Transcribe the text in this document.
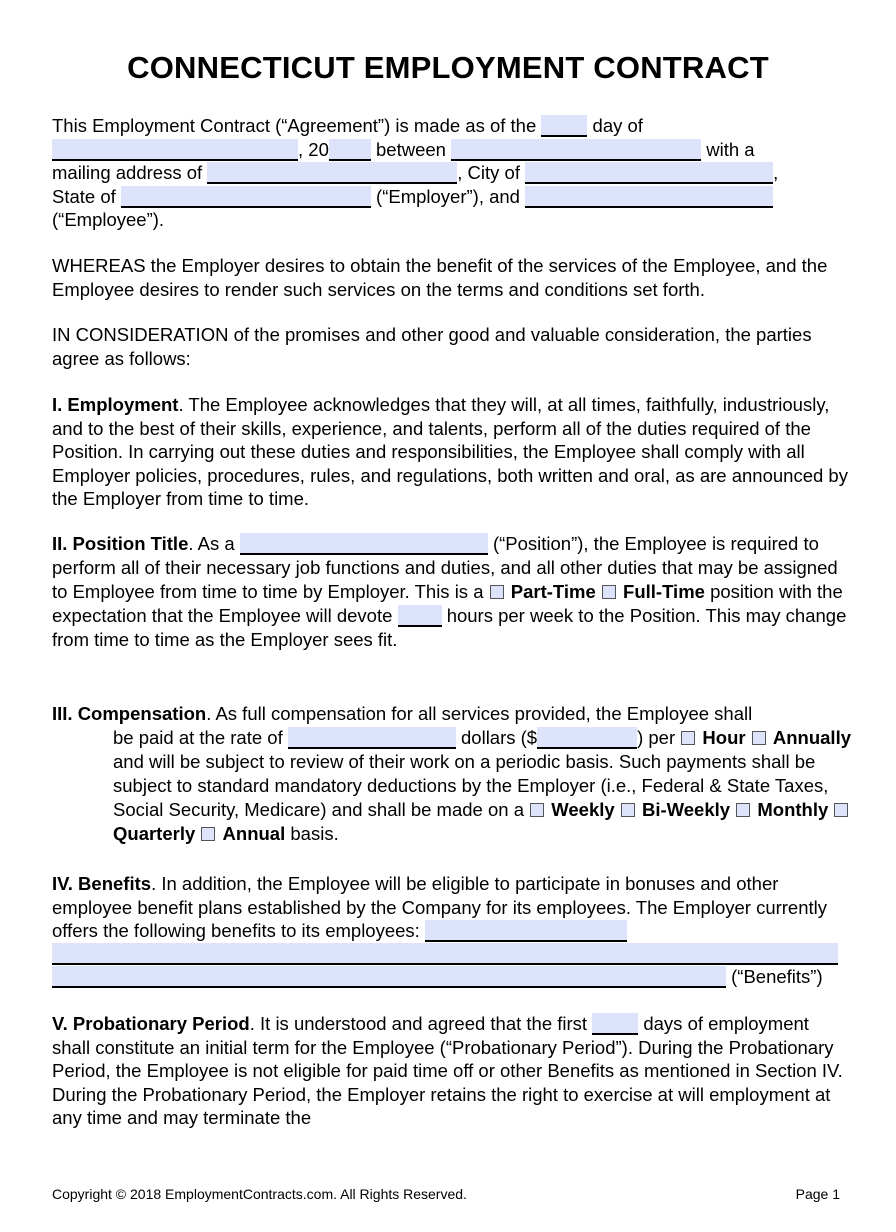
CONNECTICUT EMPLOYMENT CONTRACT
This Employment Contract (“Agreement”) is made as of the	day of
, 20	between	with a
mailing address of	, City of	,
State of	(“Employer”), and
(“Employee”).
WHEREAS the Employer desires to obtain the benefit of the services of the Employee, and the Employee desires to render such services on the terms and conditions set forth.
IN CONSIDERATION of the promises and other good and valuable consideration, the parties agree as follows:
I. Employment. The Employee acknowledges that they will, at all times, faithfully, industriously, and to the best of their skills, experience, and talents, perform all of the duties required of the Position. In carrying out these duties and responsibilities, the Employee shall comply with all Employer policies, procedures, rules, and regulations, both written and oral, as are announced by the Employer from time to time.
II. Position Title. As a	(“Position”), the Employee is required to perform all of their necessary job functions and duties, and all other duties that may be assigned to Employee from time to time by Employer. This is a Part-Time Full-Time position with the expectation that the Employee will devote	hours per week to the Position. This may change from time to time as the Employer sees fit.
III. Compensation. As full compensation for all services provided, the Employee shall
be paid at the rate of	dollars ($	) per Hour Annually and will be subject to review of their work on a periodic basis. Such payments shall be subject to standard mandatory deductions by the Employer (i.e., Federal & State Taxes, Social Security, Medicare) and shall be made on a Weekly Bi-Weekly Monthly  Quarterly Annual basis.
IV. Benefits. In addition, the Employee will be eligible to participate in bonuses and other employee benefit plans established by the Company for its employees. The Employer currently offers the following benefits to its employees:
(“Benefits”)
V. Probationary Period. It is understood and agreed that the first	days of employment shall constitute an initial term for the Employee (“Probationary Period”). During the Probationary Period, the Employee is not eligible for paid time off or other Benefits as mentioned in Section IV. During the Probationary Period, the Employer retains the right to exercise at will employment at any time and may terminate the
Copyright © 2018 EmploymentContracts.com. All Rights Reserved.	Page 1
